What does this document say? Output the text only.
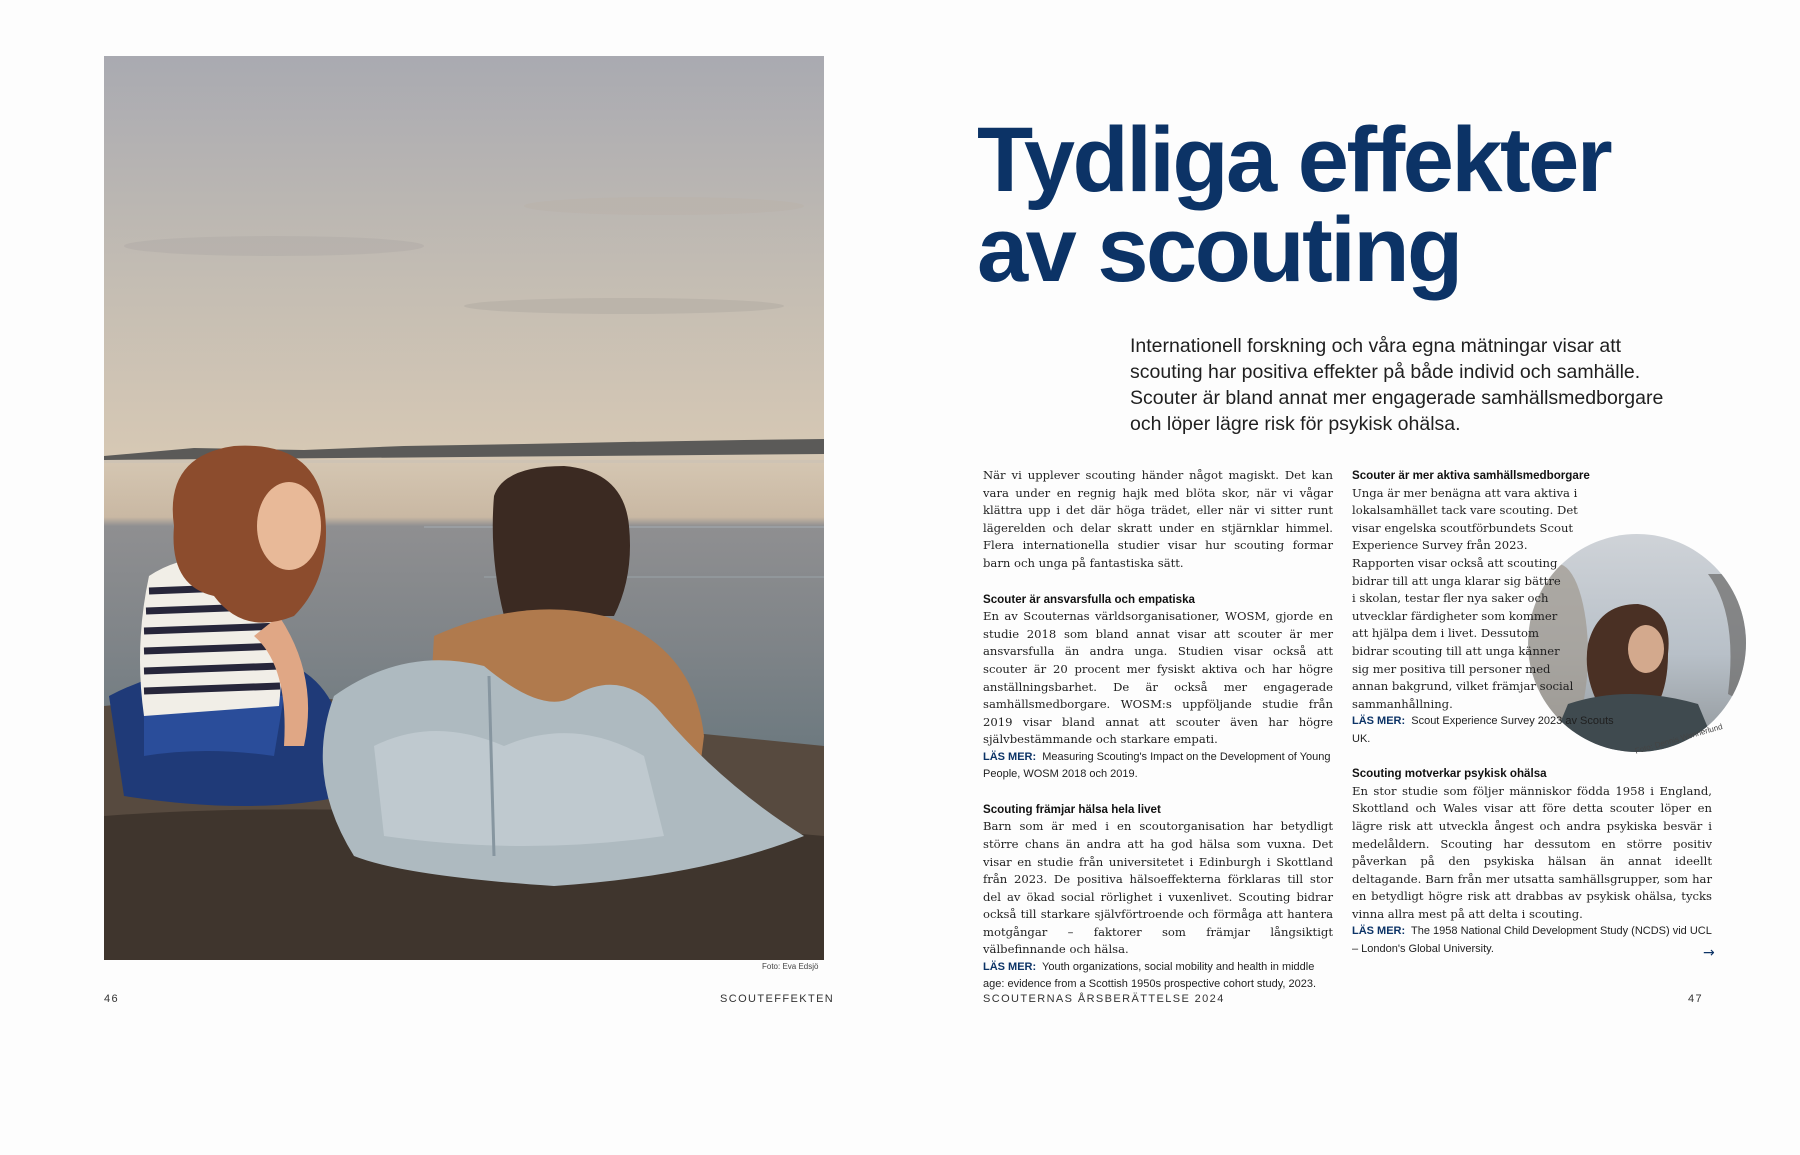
Foto: Eva Edsjö
46	SCOUTEFFEKTEN
Tydliga effekter
av scouting

Internationell forskning och våra egna mätningar visar att scouting har positiva effekter på både individ och samhälle. Scouter är bland annat mer engagerade samhällsmedborgare och löper lägre risk för psykisk ohälsa.

När vi upplever scouting händer något magiskt. Det kan vara under en regnig hajk med blöta skor, när vi vågar klättra upp i det där höga trädet, eller när vi sitter runt lägerelden och delar skratt under en stjärnklar himmel. Flera internationella studier visar hur scouting formar barn och unga på fantastiska sätt.

Scouter är ansvarsfulla och empatiska

En av Scouternas världsorganisationer, WOSM, gjorde en studie 2018 som bland annat visar att scouter är mer ansvarsfulla än andra unga. Studien visar också att scouter är 20 procent mer fysiskt aktiva och har högre anställningsbarhet. De är också mer engagerade samhällsmedborgare. WOSM:s uppföljande studie från 2019 visar bland annat att scouter även har högre självbestämmande och starkare empati.

LÄS MER: Measuring Scouting's Impact on the Development of Young People, WOSM 2018 och 2019.
Scouting främjar hälsa hela livet

Barn som är med i en scoutorganisation har betydligt större chans än andra att ha god hälsa som vuxna. Det visar en studie från universitetet i Edinburgh i Skottland från 2023. De positiva hälsoeffekterna förklaras till stor del av ökad social rörlighet i vuxenlivet. Scouting bidrar också till starkare självförtroende och förmåga att hantera motgångar – faktorer som främjar långsiktigt välbefinnande och hälsa.

LÄS MER: Youth organizations, social mobility and health in middle age: evidence from a Scottish 1950s prospective cohort study, 2023.
Foto: Dennis Wennerlund
Scouter är mer aktiva samhällsmedborgare

Unga är mer benägna att vara aktiva i lokalsamhället tack vare scouting. Det visar engelska scoutförbundets Scout Experience Survey från 2023. Rapporten visar också att scouting bidrar till att unga klarar sig bättre i skolan, testar fler nya saker och utvecklar färdigheter som kommer att hjälpa dem i livet. Dessutom bidrar scouting till att unga känner sig mer positiva till personer med annan bakgrund, vilket främjar social sammanhållning.

LÄS MER: Scout Experience Survey 2023 av Scouts UK.
Scouting motverkar psykisk ohälsa

En stor studie som följer människor födda 1958 i England, Skottland och Wales visar att före detta scouter löper en lägre risk att utveckla ångest och andra psykiska besvär i medelåldern. Scouting har dessutom en större positiv påverkan på den psykiska hälsan än annat ideellt deltagande. Barn från mer utsatta samhällsgrupper, som har en betydligt högre risk att drabbas av psykisk ohälsa, tycks vinna allra mest på att delta i scouting.

LÄS MER: The 1958 National Child Development Study (NCDS) vid UCL – London's Global University.	→
SCOUTERNAS ÅRSBERÄTTELSE 2024	47
